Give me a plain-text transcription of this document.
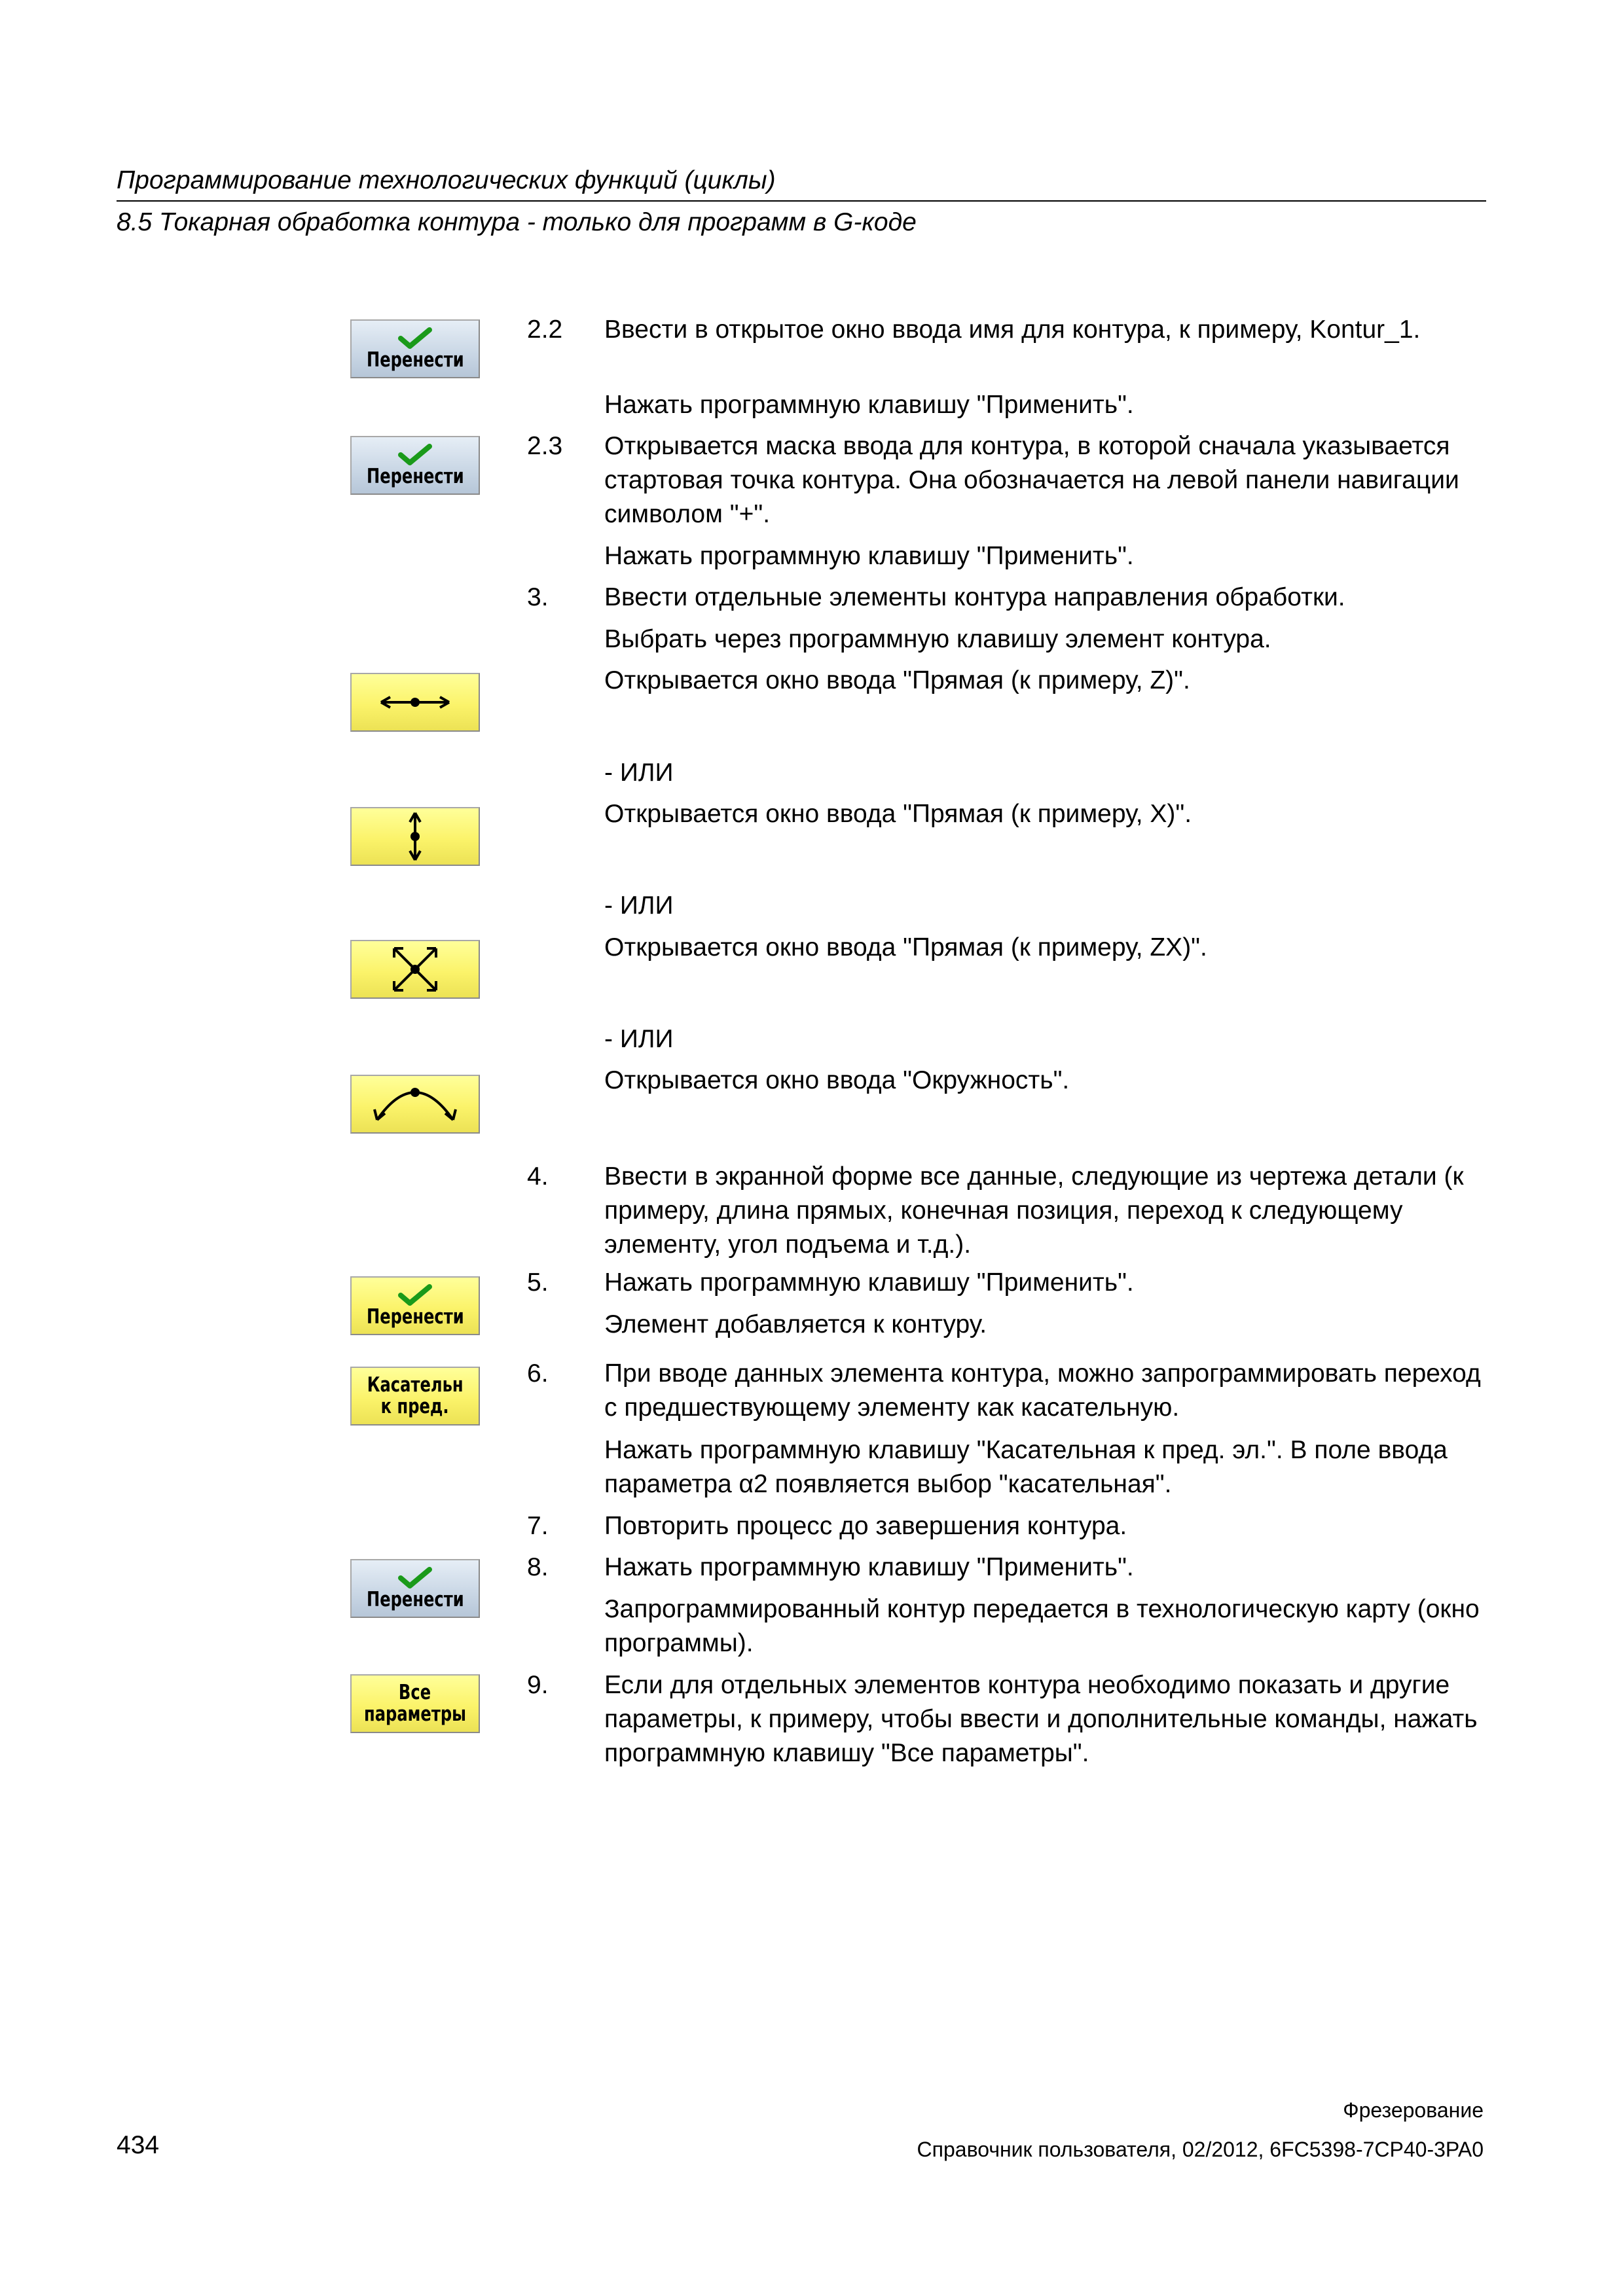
Программирование технологических функций (циклы)
8.5 Токарная обработка контура - только для программ в G-коде
Перенести
Перенести
Перенести
Касательн
к пред.
Перенести
Все
параметры
2.2
2.3
3.
4.
5.
6.
7.
8.
9.
Ввести в открытое окно ввода имя для контура, к примеру, Kontur_1.
Нажать программную клавишу "Применить".
Открывается маска ввода для контура, в которой сначала указывается стартовая точка контура. Она обозначается на левой панели навигации символом "+".
Нажать программную клавишу "Применить".
Ввести отдельные элементы контура направления обработки.
Выбрать через программную клавишу элемент контура.
Открывается окно ввода "Прямая (к примеру, Z)".
- ИЛИ
Открывается окно ввода "Прямая (к примеру, X)".
- ИЛИ
Открывается окно ввода "Прямая (к примеру, ZX)".
- ИЛИ
Открывается окно ввода "Окружность".
Ввести в экранной форме все данные, следующие из чертежа детали (к примеру, длина прямых, конечная позиция, переход к следующему элементу, угол подъема и т.д.).
Нажать программную клавишу "Применить".
Элемент добавляется к контуру.
При вводе данных элемента контура, можно запрограммировать переход с предшествующему элементу как касательную.
Нажать программную клавишу "Касательная к пред. эл.". В поле ввода параметра α2 появляется выбор "касательная".
Повторить процесс до завершения контура.
Нажать программную клавишу "Применить".
Запрограммированный контур передается в технологическую карту (окно программы).
Если для отдельных элементов контура необходимо показать и другие параметры, к примеру, чтобы ввести и дополнительные команды, нажать программную клавишу "Все параметры".
Фрезерование
434	Справочник пользователя, 02/2012, 6FC5398-7CP40-3PA0
